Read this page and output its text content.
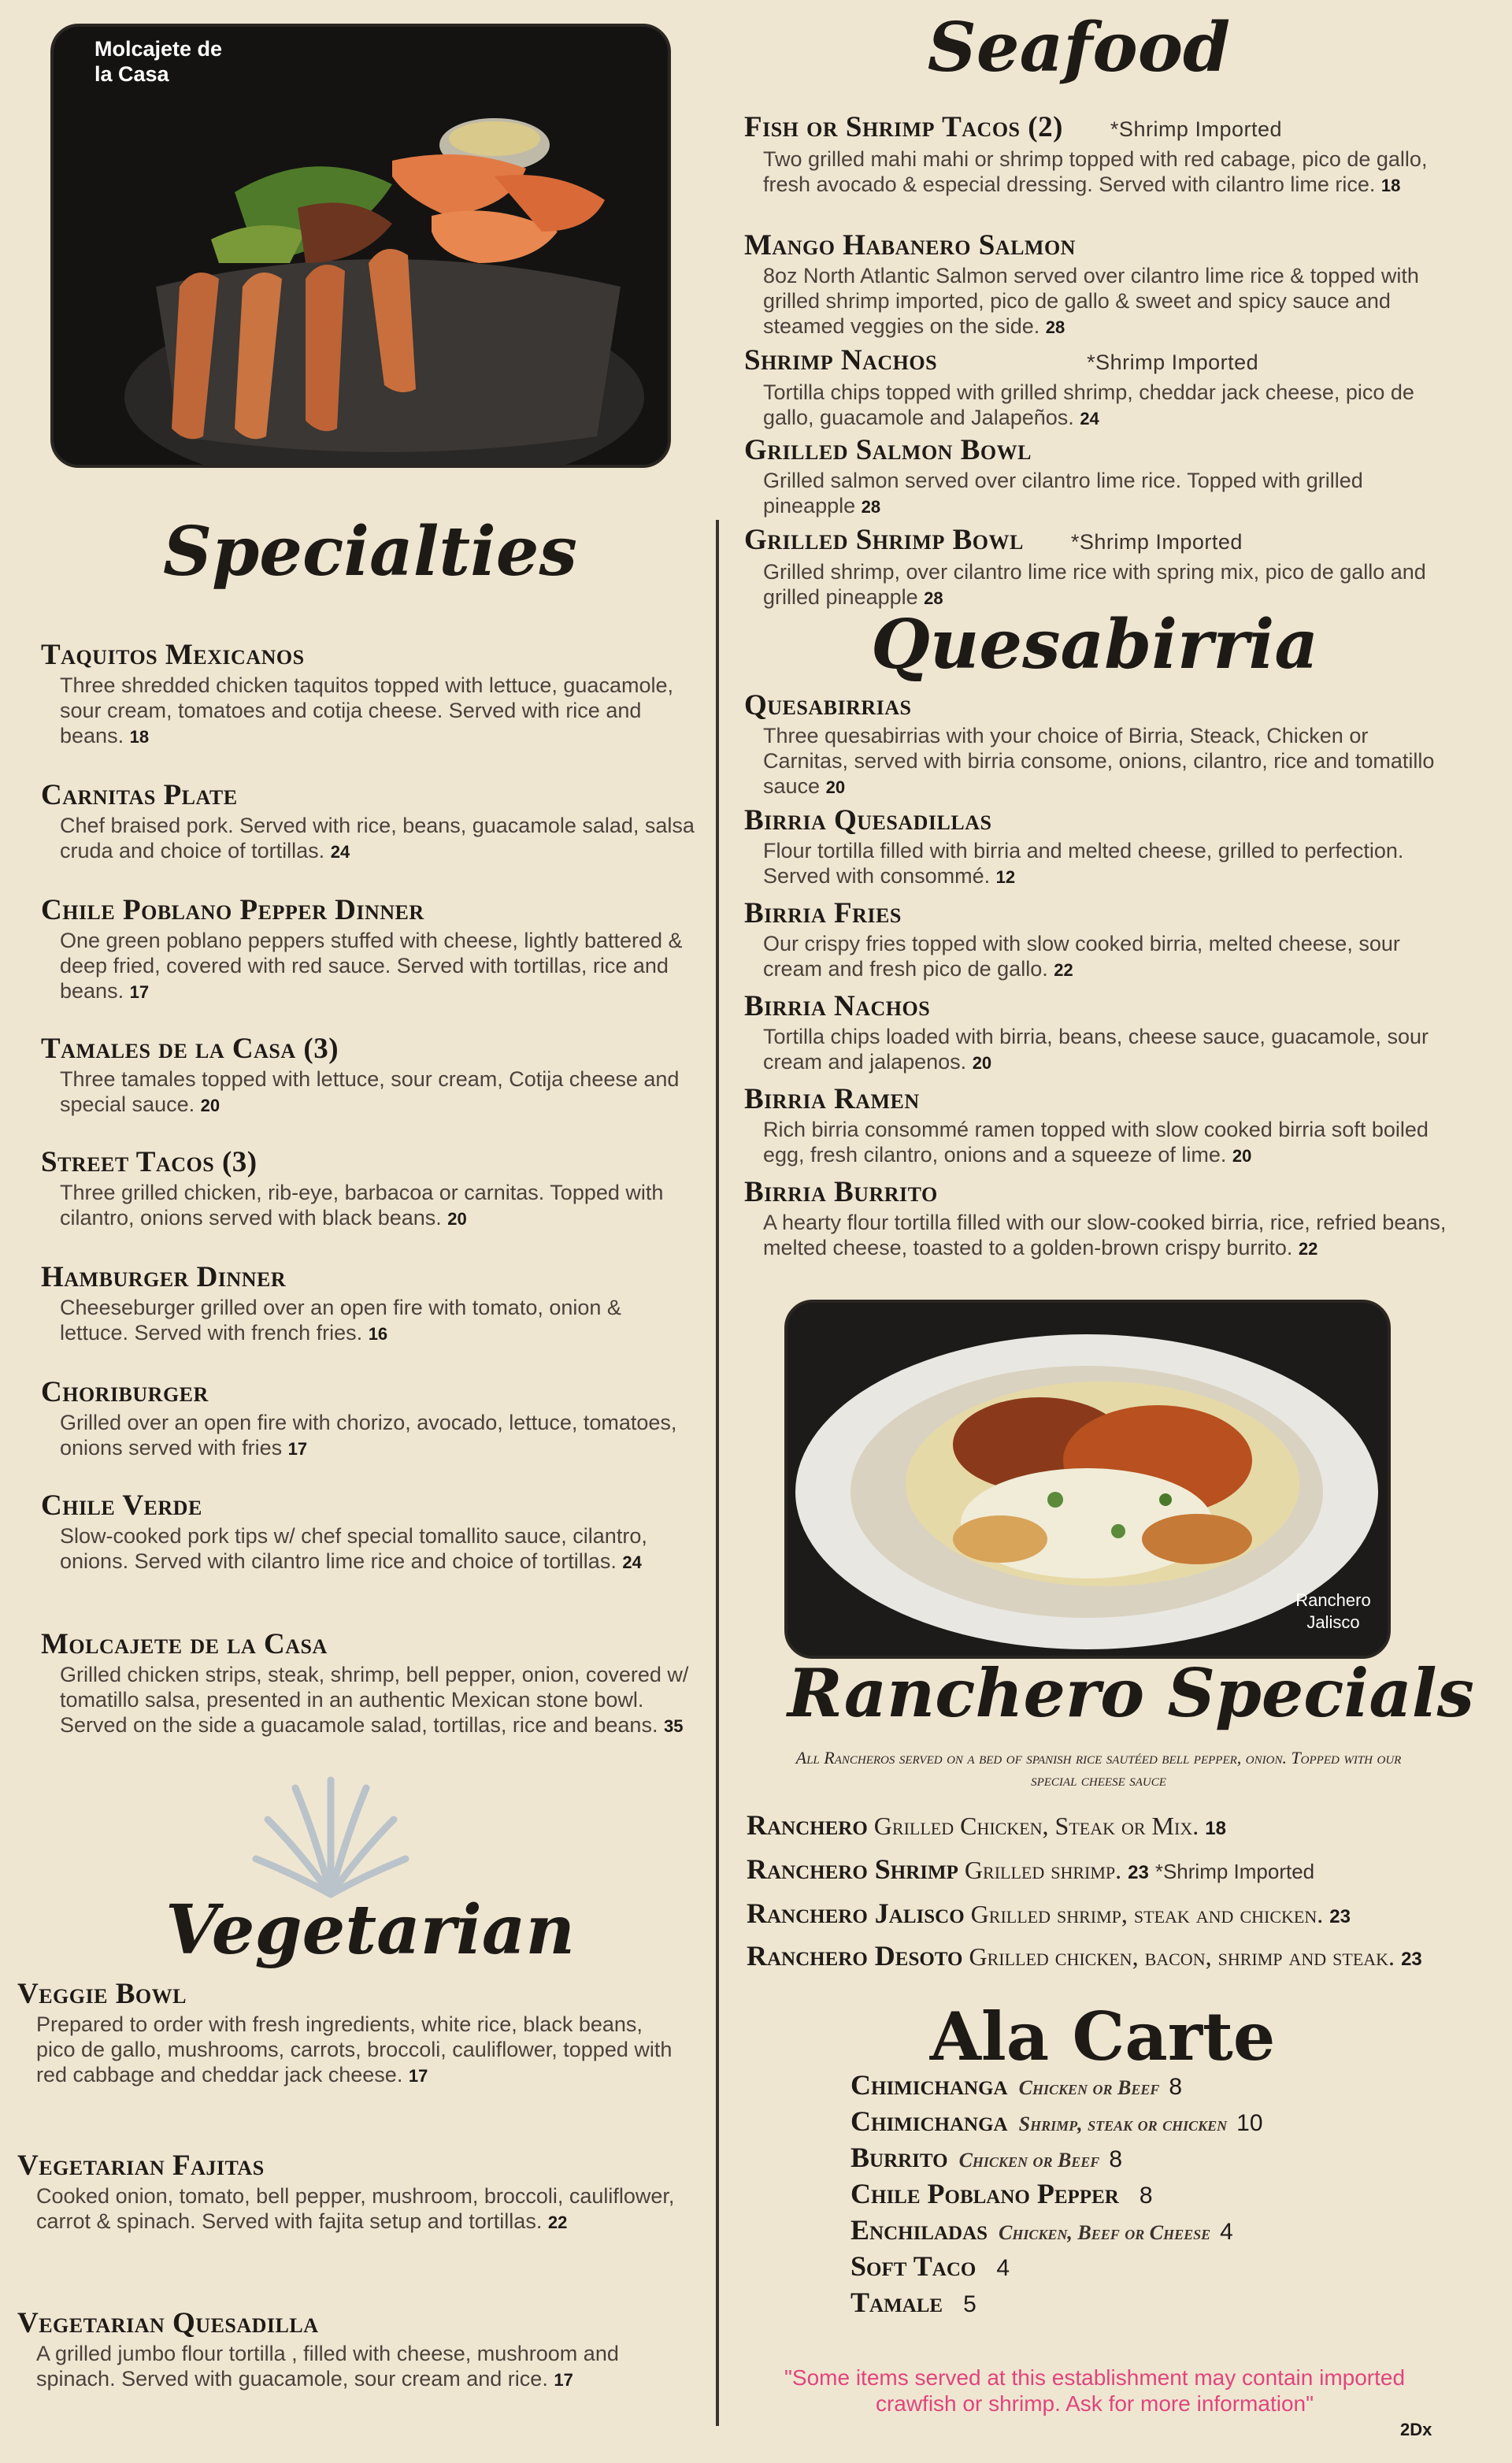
Molcajete de la Casa
Specialties
Taquitos Mexicanos
Three shredded chicken taquitos topped with lettuce, guacamole, sour cream, tomatoes and cotija cheese. Served with rice and beans. 18
Carnitas Plate
Chef braised pork. Served with rice, beans, guacamole salad, salsa cruda and choice of tortillas. 24
Chile Poblano Pepper Dinner
One green poblano peppers stuffed with cheese, lightly battered & deep fried, covered with red sauce. Served with tortillas, rice and beans. 17
Tamales de la Casa (3)
Three tamales topped with lettuce, sour cream, Cotija cheese and special sauce. 20
Street Tacos (3)
Three grilled chicken, rib-eye, barbacoa or carnitas. Topped with cilantro, onions served with black beans. 20
Hamburger Dinner
Cheeseburger grilled over an open fire with tomato, onion & lettuce. Served with french fries. 16
Choriburger
Grilled over an open fire with chorizo, avocado, lettuce, tomatoes, onions served with fries 17
Chile Verde
Slow-cooked pork tips w/ chef special tomallito sauce, cilantro, onions. Served with cilantro lime rice and choice of tortillas. 24
Molcajete de la Casa
Grilled chicken strips, steak, shrimp, bell pepper, onion, covered w/ tomatillo salsa, presented in an authentic Mexican stone bowl. Served on the side a guacamole salad, tortillas, rice and beans. 35
Vegetarian
Veggie Bowl
Prepared to order with fresh ingredients, white rice, black beans, pico de gallo, mushrooms, carrots, broccoli, cauliflower, topped with red cabbage and cheddar jack cheese. 17
Vegetarian Fajitas
Cooked onion, tomato, bell pepper, mushroom, broccoli, cauliflower, carrot & spinach. Served with fajita setup and tortillas. 22
Vegetarian Quesadilla
A grilled jumbo flour tortilla , filled with cheese, mushroom and spinach. Served with guacamole, sour cream and rice. 17
Seafood
Fish or Shrimp Tacos (2) *Shrimp Imported
Two grilled mahi mahi or shrimp topped with red cabage, pico de gallo, fresh avocado & especial dressing. Served with cilantro lime rice. 18
Mango Habanero Salmon
8oz North Atlantic Salmon served over cilantro lime rice & topped with grilled shrimp imported, pico de gallo & sweet and spicy sauce and steamed veggies on the side. 28
Shrimp Nachos	*Shrimp Imported
Tortilla chips topped with grilled shrimp, cheddar jack cheese, pico de gallo, guacamole and Jalapeños. 24
Grilled Salmon Bowl
Grilled salmon served over cilantro lime rice. Topped with grilled pineapple 28
Grilled Shrimp Bowl *Shrimp Imported
Grilled shrimp, over cilantro lime rice with spring mix, pico de gallo and grilled pineapple 28
Quesabirria
Quesabirrias
Three quesabirrias with your choice of Birria, Steack, Chicken or Carnitas, served with birria consome, onions, cilantro, rice and tomatillo sauce 20
Birria Quesadillas
Flour tortilla filled with birria and melted cheese, grilled to perfection. Served with consommé. 12
Birria Fries
Our crispy fries topped with slow cooked birria, melted cheese, sour cream and fresh pico de gallo. 22
Birria Nachos
Tortilla chips loaded with birria, beans, cheese sauce, guacamole, sour cream and jalapenos. 20
Birria Ramen
Rich birria consommé ramen topped with slow cooked birria soft boiled egg, fresh cilantro, onions and a squeeze of lime. 20
Birria Burrito
A hearty flour tortilla filled with our slow-cooked birria, rice, refried beans, melted cheese, toasted to a golden-brown crispy burrito. 22
Ranchero Jalisco
Ranchero Specials
All Rancheros served on a bed of spanish rice sautéed bell pepper, onion. Topped with our special cheese sauce
Ranchero Grilled Chicken, Steak or Mix. 18
Ranchero Shrimp Grilled shrimp. 23 *Shrimp Imported
Ranchero Jalisco Grilled shrimp, steak and chicken. 23
Ranchero Desoto Grilled chicken, bacon, shrimp and steak. 23
Ala Carte
Chimichanga Chicken or Beef 8
Chimichanga Shrimp, steak or chicken 10
Burrito Chicken or Beef 8
Chile Poblano Pepper 8
Enchiladas Chicken, Beef or Cheese 4
Soft Taco 4
Tamale 5
"Some items served at this establishment may contain imported crawfish or shrimp. Ask for more information"
2Dx
